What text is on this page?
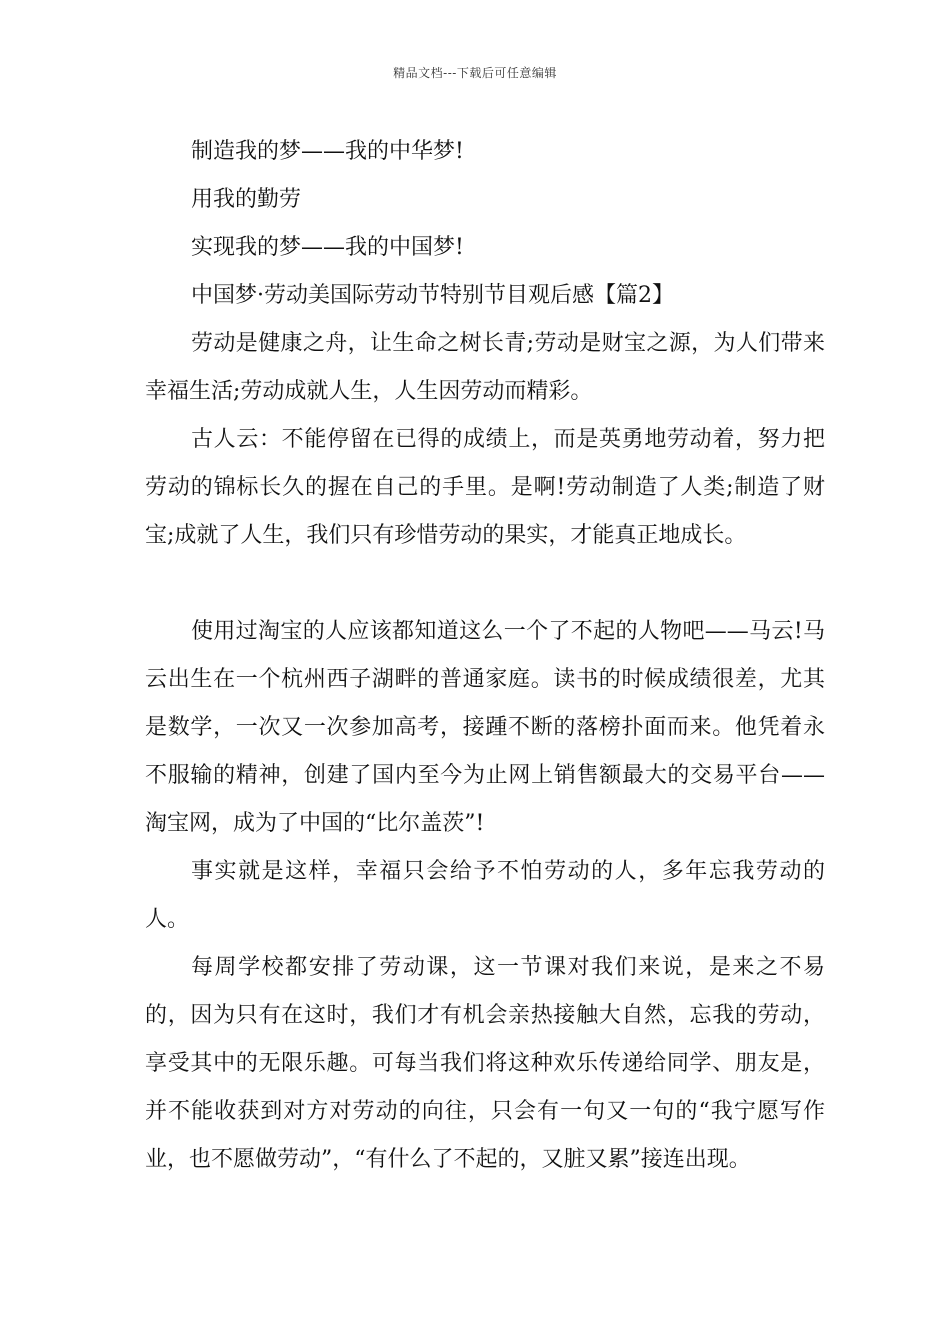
精品文档---下载后可任意编辑

制造我的梦——我的中华梦!

用我的勤劳

实现我的梦——我的中国梦!

中国梦·劳动美国际劳动节特别节目观后感【篇2】

劳动是健康之舟，让生命之树长青;劳动是财宝之源，为人们带来幸福生活;劳动成就人生，人生因劳动而精彩。

古人云：不能停留在已得的成绩上，而是英勇地劳动着，努力把劳动的锦标长久的握在自己的手里。是啊!劳动制造了人类;制造了财宝;成就了人生，我们只有珍惜劳动的果实，才能真正地成长。

使用过淘宝的人应该都知道这么一个了不起的人物吧——马云!马云出生在一个杭州西子湖畔的普通家庭。读书的时候成绩很差，尤其是数学，一次又一次参加高考，接踵不断的落榜扑面而来。他凭着永不服输的精神，创建了国内至今为止网上销售额最大的交易平台——淘宝网，成为了中国的“比尔盖茨”!

事实就是这样，幸福只会给予不怕劳动的人，多年忘我劳动的人。

每周学校都安排了劳动课，这一节课对我们来说，是来之不易的，因为只有在这时，我们才有机会亲热接触大自然，忘我的劳动，享受其中的无限乐趣。可每当我们将这种欢乐传递给同学、朋友是，并不能收获到对方对劳动的向往，只会有一句又一句的“我宁愿写作业，也不愿做劳动”，“有什么了不起的，又脏又累”接连出现。
